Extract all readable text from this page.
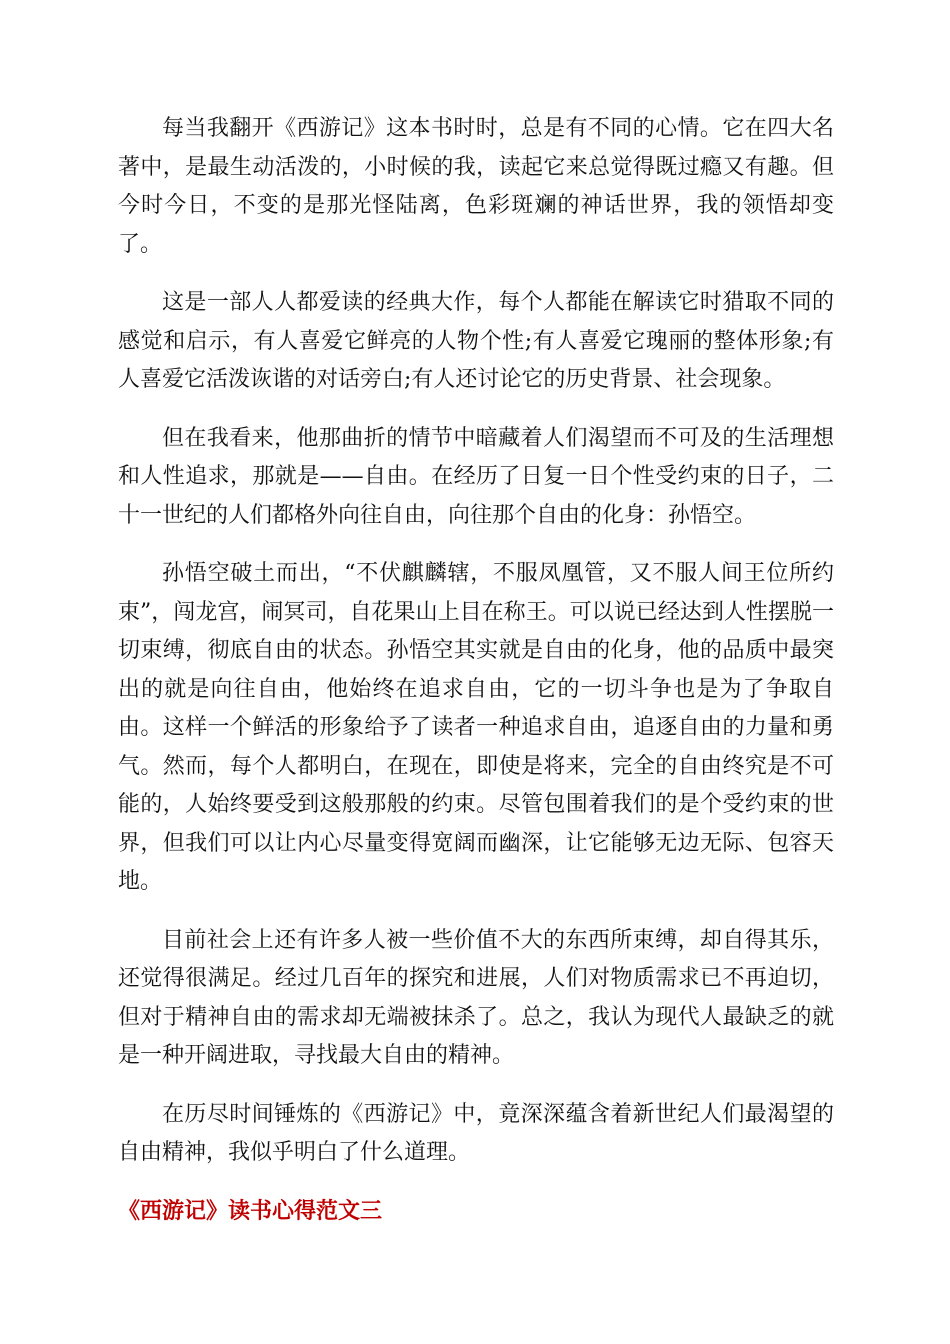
每当我翻开《西游记》这本书时时，总是有不同的心情。它在四大名著中，是最生动活泼的，小时候的我，读起它来总觉得既过瘾又有趣。但今时今日，不变的是那光怪陆离，色彩斑斓的神话世界，我的领悟却变了。

这是一部人人都爱读的经典大作，每个人都能在解读它时猎取不同的感觉和启示，有人喜爱它鲜亮的人物个性;有人喜爱它瑰丽的整体形象;有人喜爱它活泼诙谐的对话旁白;有人还讨论它的历史背景、社会现象。

但在我看来，他那曲折的情节中暗藏着人们渴望而不可及的生活理想和人性追求，那就是——自由。在经历了日复一日个性受约束的日子，二十一世纪的人们都格外向往自由，向往那个自由的化身：孙悟空。

孙悟空破土而出，“不伏麒麟辖，不服凤凰管，又不服人间王位所约束”，闯龙宫，闹冥司，自花果山上目在称王。可以说已经达到人性摆脱一切束缚，彻底自由的状态。孙悟空其实就是自由的化身，他的品质中最突出的就是向往自由，他始终在追求自由，它的一切斗争也是为了争取自由。这样一个鲜活的形象给予了读者一种追求自由，追逐自由的力量和勇气。然而，每个人都明白，在现在，即使是将来，完全的自由终究是不可能的，人始终要受到这般那般的约束。尽管包围着我们的是个受约束的世界，但我们可以让内心尽量变得宽阔而幽深，让它能够无边无际、包容天地。

目前社会上还有许多人被一些价值不大的东西所束缚，却自得其乐，还觉得很满足。经过几百年的探究和进展，人们对物质需求已不再迫切，但对于精神自由的需求却无端被抹杀了。总之，我认为现代人最缺乏的就是一种开阔进取，寻找最大自由的精神。

在历尽时间锤炼的《西游记》中，竟深深蕴含着新世纪人们最渴望的自由精神，我似乎明白了什么道理。

《西游记》读书心得范文三
